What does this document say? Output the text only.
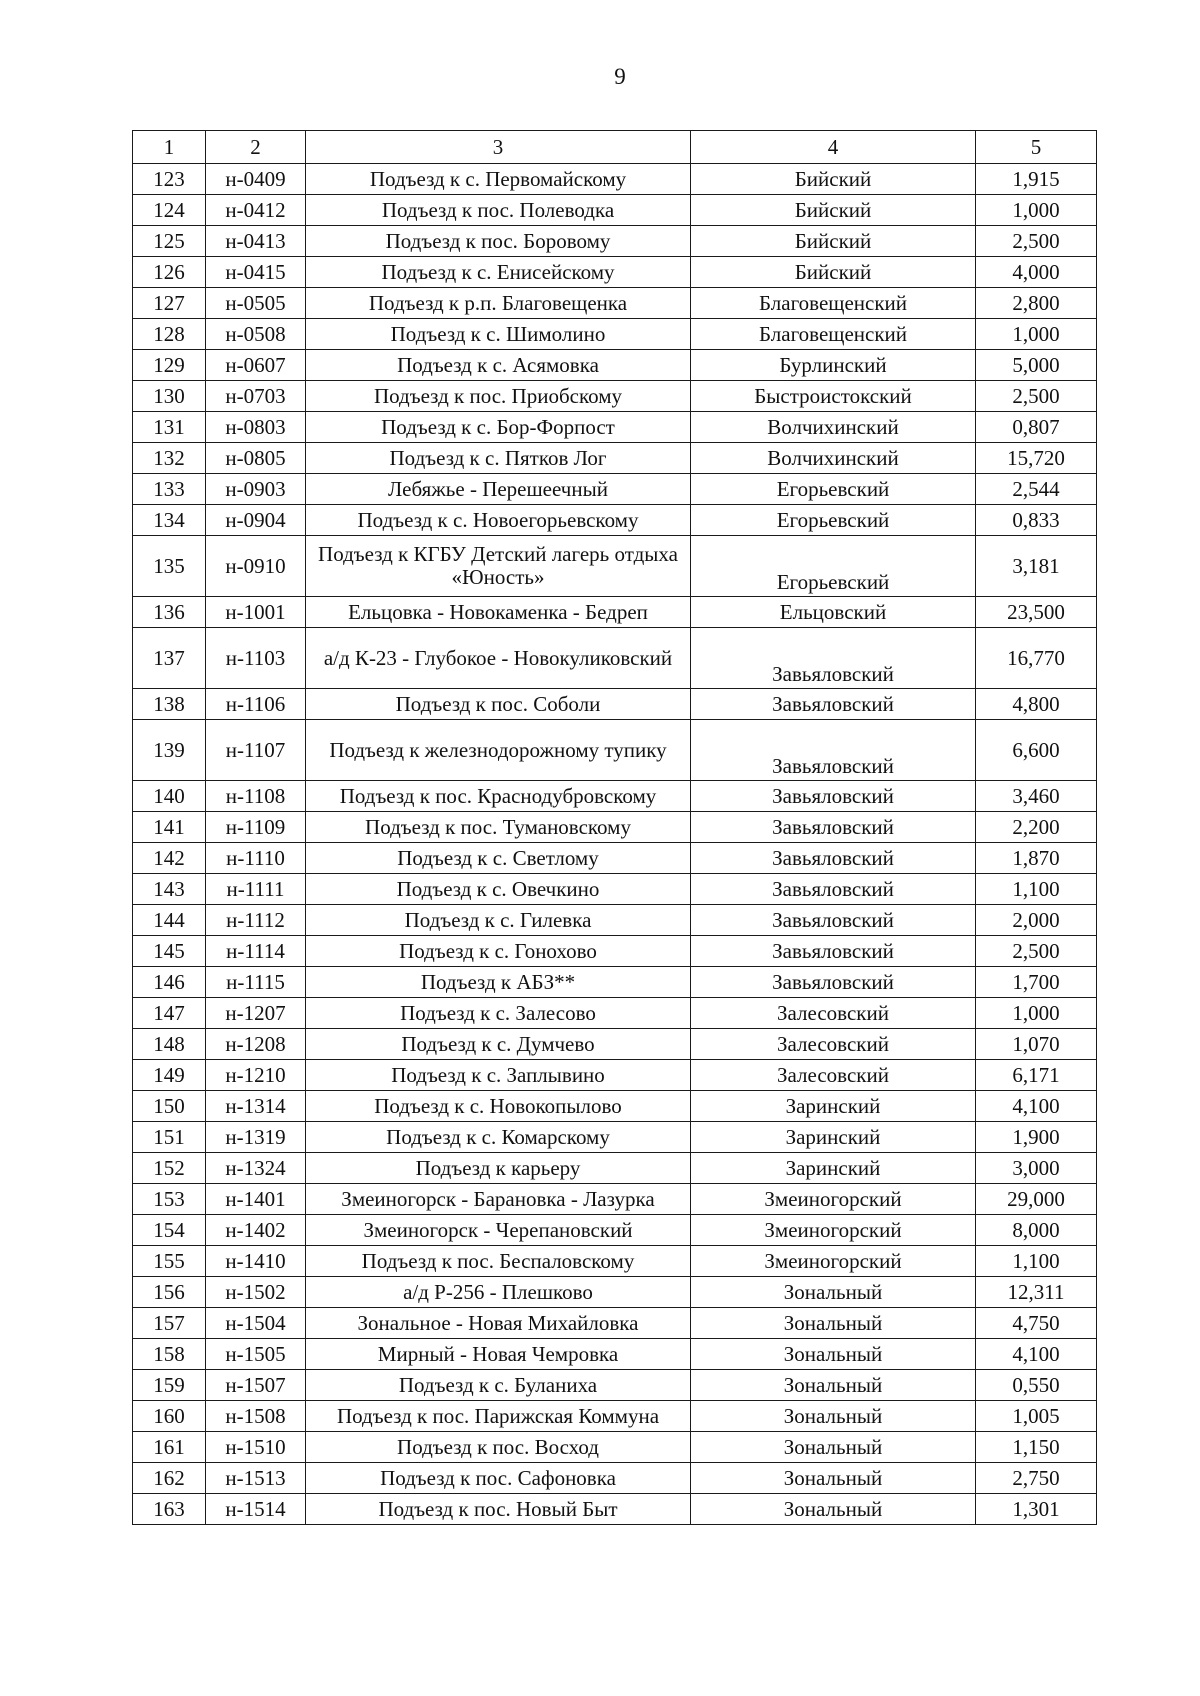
9
1	2	3	4	5
123	н-0409	Подъезд к с. Первомайскому	Бийский	1,915
124	н-0412	Подъезд к пос. Полеводка	Бийский	1,000
125	н-0413	Подъезд к пос. Боровому	Бийский	2,500
126	н-0415	Подъезд к с. Енисейскому	Бийский	4,000
127	н-0505	Подъезд к р.п. Благовещенка	Благовещенский	2,800
128	н-0508	Подъезд к с. Шимолино	Благовещенский	1,000
129	н-0607	Подъезд к с. Асямовка	Бурлинский	5,000
130	н-0703	Подъезд к пос. Приобскому	Быстроистокский	2,500
131	н-0803	Подъезд к с. Бор-Форпост	Волчихинский	0,807
132	н-0805	Подъезд к с. Пятков Лог	Волчихинский	15,720
133	н-0903	Лебяжье - Перешеечный	Егорьевский	2,544
134	н-0904	Подъезд к с. Новоегорьевскому	Егорьевский	0,833
135	н-0910	Подъезд к КГБУ Детский лагерь отдыха «Юность»	Егорьевский	3,181
136	н-1001	Ельцовка - Новокаменка - Бедреп	Ельцовский	23,500
137	н-1103	а/д К-23 - Глубокое - Новокуликовский	Завьяловский	16,770
138	н-1106	Подъезд к пос. Соболи	Завьяловский	4,800
139	н-1107	Подъезд к железнодорожному тупику	Завьяловский	6,600
140	н-1108	Подъезд к пос. Краснодубровскому	Завьяловский	3,460
141	н-1109	Подъезд к пос. Тумановскому	Завьяловский	2,200
142	н-1110	Подъезд к с. Светлому	Завьяловский	1,870
143	н-1111	Подъезд к с. Овечкино	Завьяловский	1,100
144	н-1112	Подъезд к с. Гилевка	Завьяловский	2,000
145	н-1114	Подъезд к с. Гонохово	Завьяловский	2,500
146	н-1115	Подъезд к АБЗ**	Завьяловский	1,700
147	н-1207	Подъезд к с. Залесово	Залесовский	1,000
148	н-1208	Подъезд к с. Думчево	Залесовский	1,070
149	н-1210	Подъезд к с. Заплывино	Залесовский	6,171
150	н-1314	Подъезд к с. Новокопылово	Заринский	4,100
151	н-1319	Подъезд к с. Комарскому	Заринский	1,900
152	н-1324	Подъезд к карьеру	Заринский	3,000
153	н-1401	Змеиногорск - Барановка - Лазурка	Змеиногорский	29,000
154	н-1402	Змеиногорск - Черепановский	Змеиногорский	8,000
155	н-1410	Подъезд к пос. Беспаловскому	Змеиногорский	1,100
156	н-1502	а/д Р-256 - Плешково	Зональный	12,311
157	н-1504	Зональное - Новая Михайловка	Зональный	4,750
158	н-1505	Мирный - Новая Чемровка	Зональный	4,100
159	н-1507	Подъезд к с. Буланиха	Зональный	0,550
160	н-1508	Подъезд к пос. Парижская Коммуна	Зональный	1,005
161	н-1510	Подъезд к пос. Восход	Зональный	1,150
162	н-1513	Подъезд к пос. Сафоновка	Зональный	2,750
163	н-1514	Подъезд к пос. Новый Быт	Зональный	1,301
